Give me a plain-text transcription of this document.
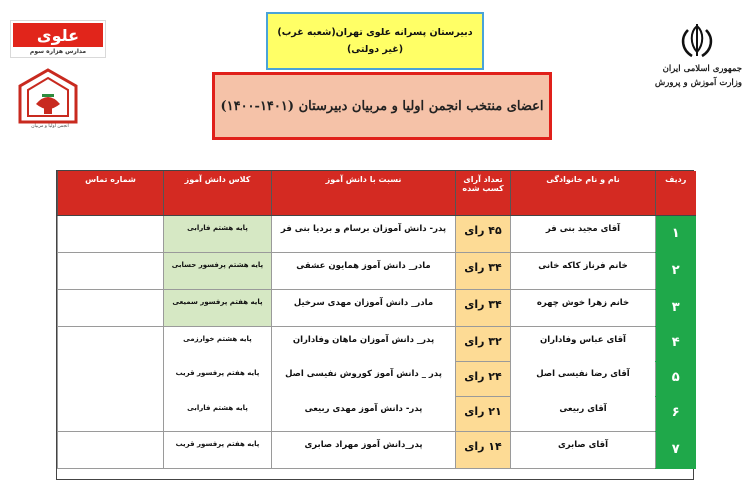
دبیرستان پسرانه علوی تهران(شعبه غرب)
(غیر دولتی)
اعضای منتخب انجمن اولیا و مربیان دبیرستان (۱۴۰۱-۱۴۰۰)
علوی
مدارس هزاره سوم
انجمن اولیا و مربیان
جمهوری اسلامی ایران
وزارت آموزش و پرورش
ردیف	نام و نام خانوادگی	تعداد آرای کسب شده	نسبت با دانش آموز	کلاس دانش آموز	شماره تماس
۱	آقای مجید بنی فر	۴۵ رای	پدر- دانش آموزان برسام و بردیا بنی فر	پایه هشتم فارابی	
۲	خانم فرناز کاکه خانی	۳۴ رای	مادر_ دانش آموز همایون عشقی	پایه هشتم پرفسور حسابی	
۳	خانم زهرا خوش چهره	۳۴ رای	مادر_ دانش آموزان مهدی سرخیل	پایه هفتم پرفسور سمیعی	
۴	آقای عباس وفاداران	۳۲ رای	پدر_ دانش آموزان ماهان وفاداران	پایه هشتم خوارزمی	
۵	آقای رضا نفیسی اصل	۲۴ رای	پدر _ دانش آموز کوروش نفیسی اصل	پایه هفتم پرفسور قریب	
۶	آقای ربیعی	۲۱ رای	پدر- دانش آموز مهدی ربیعی	پایه هشتم فارابی	
۷	آقای صابری	۱۴ رای	پدر_دانش آموز مهراد صابری	پایه هفتم پرفسور قریب	
